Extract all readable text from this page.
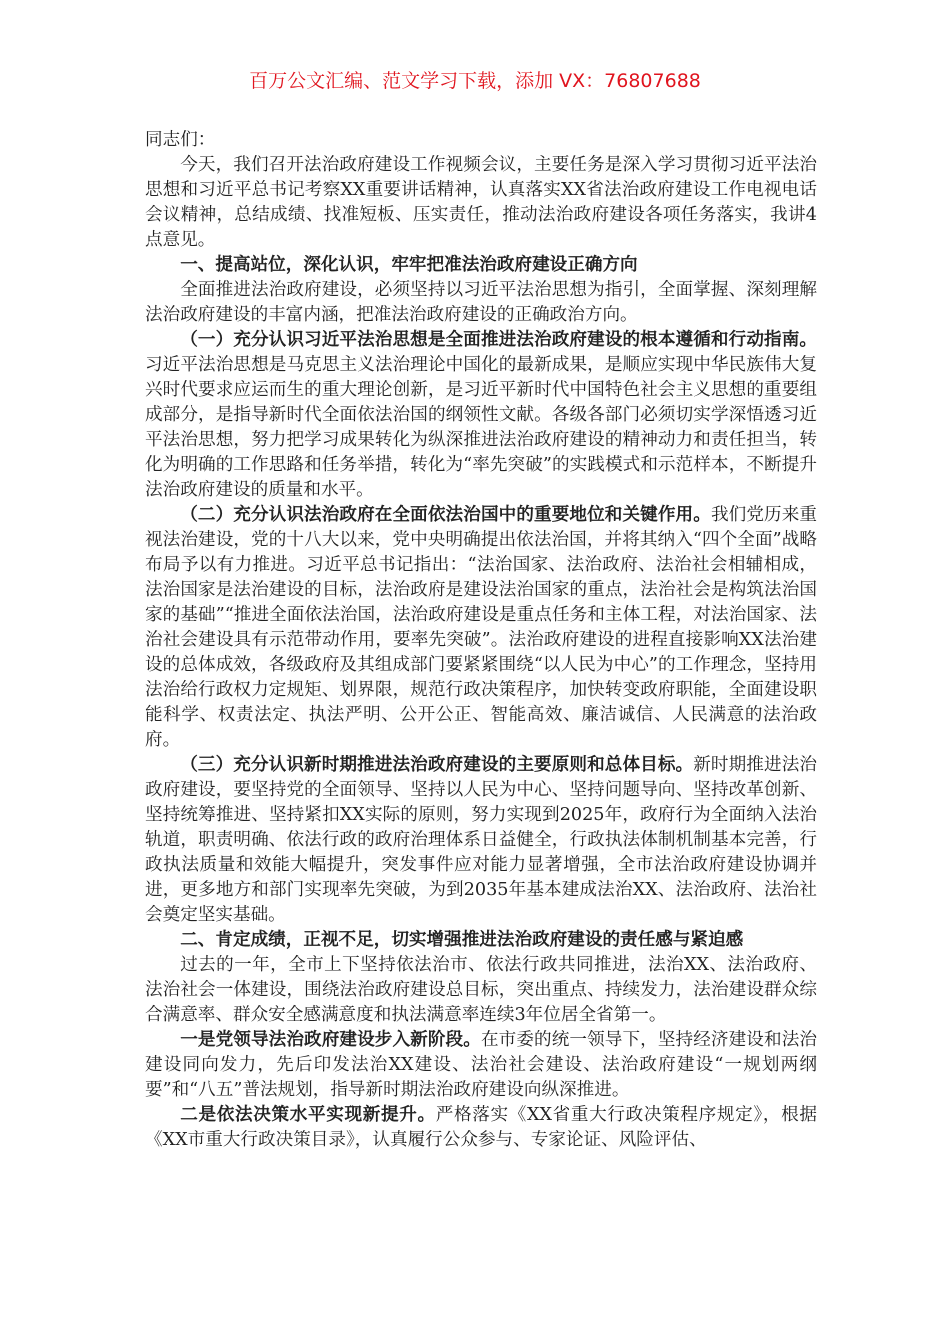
百万公文汇编、范文学习下载，添加 VX：76807688

同志们：

今天，我们召开法治政府建设工作视频会议，主要任务是深入学习贯彻习近平法治思想和习近平总书记考察XX重要讲话精神，认真落实XX省法治政府建设工作电视电话会议精神，总结成绩、找准短板、压实责任，推动法治政府建设各项任务落实，我讲4点意见。

一、提高站位，深化认识，牢牢把准法治政府建设正确方向

全面推进法治政府建设，必须坚持以习近平法治思想为指引，全面掌握、深刻理解法治政府建设的丰富内涵，把准法治政府建设的正确政治方向。

（一）充分认识习近平法治思想是全面推进法治政府建设的根本遵循和行动指南。习近平法治思想是马克思主义法治理论中国化的最新成果，是顺应实现中华民族伟大复兴时代要求应运而生的重大理论创新，是习近平新时代中国特色社会主义思想的重要组成部分，是指导新时代全面依法治国的纲领性文献。各级各部门必须切实学深悟透习近平法治思想，努力把学习成果转化为纵深推进法治政府建设的精神动力和责任担当，转化为明确的工作思路和任务举措，转化为“率先突破”的实践模式和示范样本，不断提升法治政府建设的质量和水平。

（二）充分认识法治政府在全面依法治国中的重要地位和关键作用。我们党历来重视法治建设，党的十八大以来，党中央明确提出依法治国，并将其纳入“四个全面”战略布局予以有力推进。习近平总书记指出：“法治国家、法治政府、法治社会相辅相成，法治国家是法治建设的目标，法治政府是建设法治国家的重点，法治社会是构筑法治国家的基础”“推进全面依法治国，法治政府建设是重点任务和主体工程，对法治国家、法治社会建设具有示范带动作用，要率先突破”。法治政府建设的进程直接影响XX法治建设的总体成效，各级政府及其组成部门要紧紧围绕“以人民为中心”的工作理念，坚持用法治给行政权力定规矩、划界限，规范行政决策程序，加快转变政府职能，全面建设职能科学、权责法定、执法严明、公开公正、智能高效、廉洁诚信、人民满意的法治政府。

（三）充分认识新时期推进法治政府建设的主要原则和总体目标。新时期推进法治政府建设，要坚持党的全面领导、坚持以人民为中心、坚持问题导向、坚持改革创新、坚持统筹推进、坚持紧扣XX实际的原则，努力实现到2025年，政府行为全面纳入法治轨道，职责明确、依法行政的政府治理体系日益健全，行政执法体制机制基本完善，行政执法质量和效能大幅提升，突发事件应对能力显著增强，全市法治政府建设协调并进，更多地方和部门实现率先突破，为到2035年基本建成法治XX、法治政府、法治社会奠定坚实基础。

二、肯定成绩，正视不足，切实增强推进法治政府建设的责任感与紧迫感

过去的一年，全市上下坚持依法治市、依法行政共同推进，法治XX、法治政府、法治社会一体建设，围绕法治政府建设总目标，突出重点、持续发力，法治建设群众综合满意率、群众安全感满意度和执法满意率连续3年位居全省第一。

一是党领导法治政府建设步入新阶段。在市委的统一领导下，坚持经济建设和法治建设同向发力，先后印发法治XX建设、法治社会建设、法治政府建设“一规划两纲要”和“八五”普法规划，指导新时期法治政府建设向纵深推进。

二是依法决策水平实现新提升。严格落实《XX省重大行政决策程序规定》，根据《XX市重大行政决策目录》，认真履行公众参与、专家论证、风险评估、
